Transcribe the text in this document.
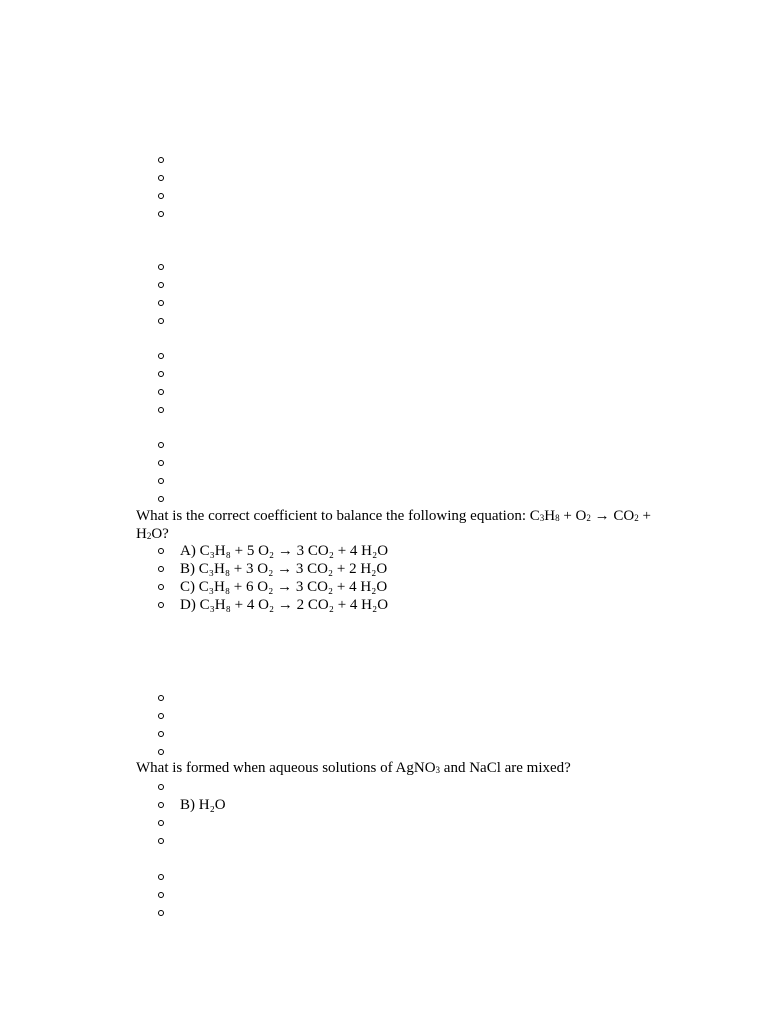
What is the correct coefficient to balance the following equation: $C_3H_8 + O_2 \to CO_2 + H_2O$?

A) C₃H₈ + 5 O₂ → 3 CO₂ + 4 H₂O
B) C₃H₈ + 3 O₂ → 3 CO₂ + 2 H₂O
C) C₃H₈ + 6 O₂ → 3 CO₂ + 4 H₂O
D) C₃H₈ + 4 O₂ → 2 CO₂ + 4 H₂O

What is formed when aqueous solutions of AgNO$_3$ and NaCl are mixed?

B) H₂O
